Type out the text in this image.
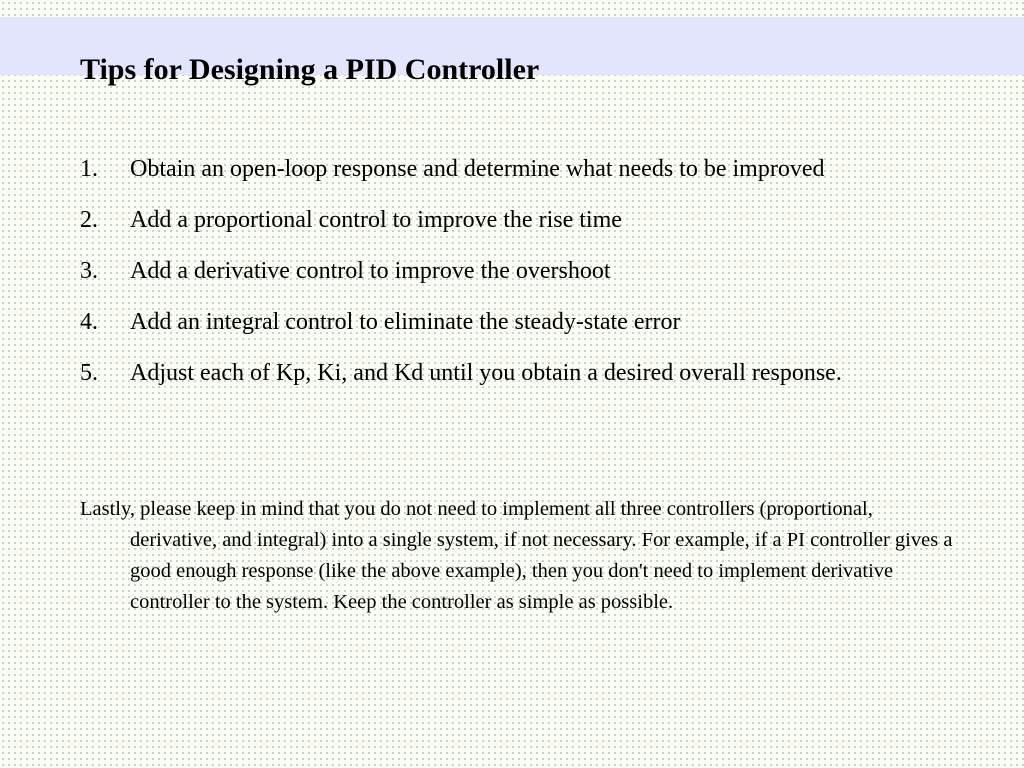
Tips for Designing a PID Controller
1.	Obtain an open-loop response and determine what needs to be improved
2.	Add a proportional control to improve the rise time
3.	Add a derivative control to improve the overshoot
4.	Add an integral control to eliminate the steady-state error
5.	Adjust each of Kp, Ki, and Kd until you obtain a desired overall response.

Lastly, please keep in mind that you do not need to implement all three controllers (proportional, derivative, and integral) into a single system, if not necessary. For example, if a PI controller gives a good enough response (like the above example), then you don't need to implement derivative controller to the system. Keep the controller as simple as possible.
